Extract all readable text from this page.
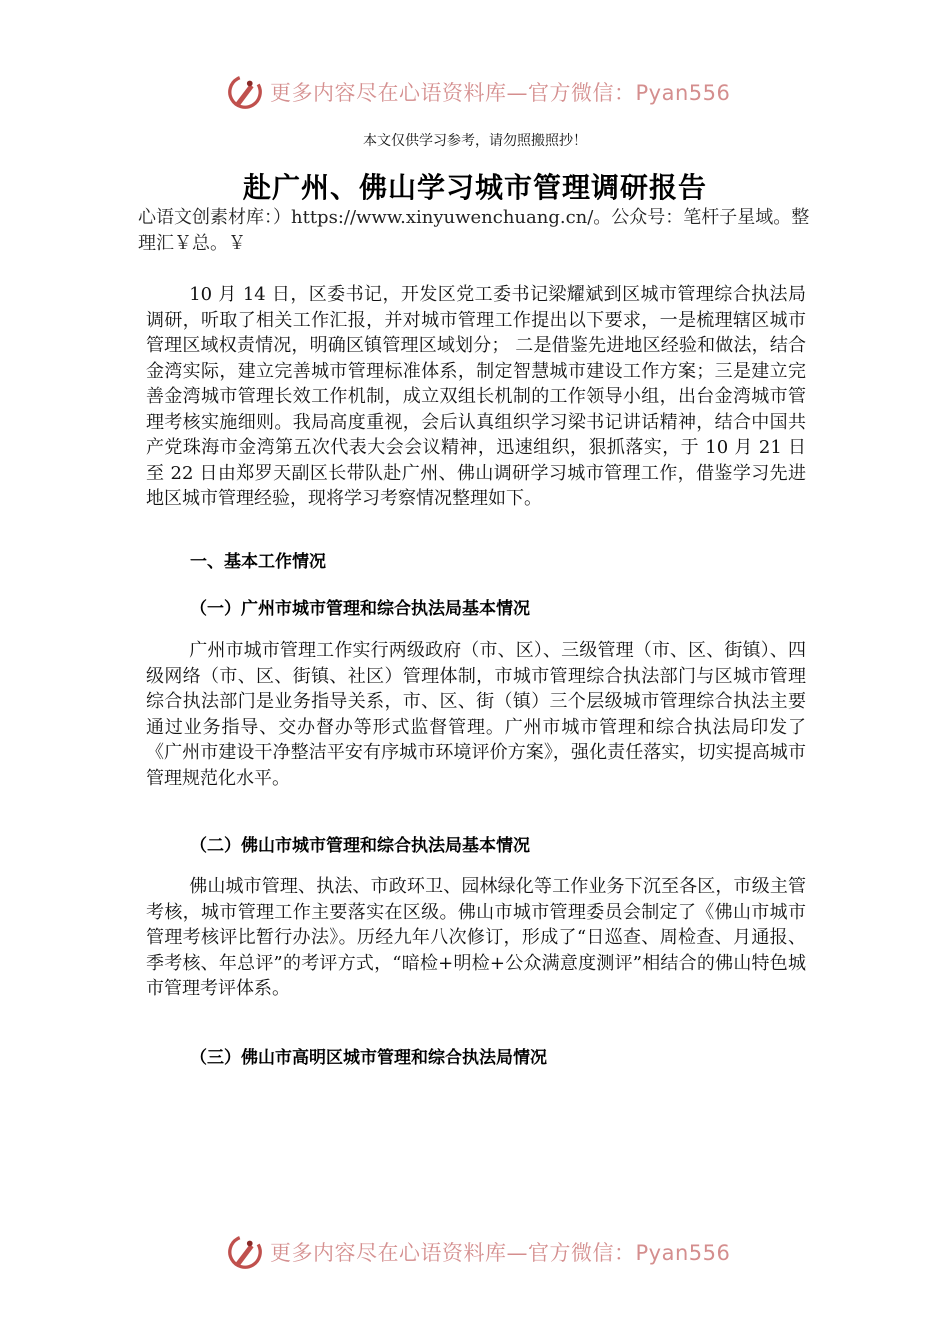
更多内容尽在心语资料库—官方微信：Pyan556
本文仅供学习参考，请勿照搬照抄！
赴广州、佛山学习城市管理调研报告
心语文创素材库：）https://www.xinyuwenchuang.cn/。公众号：笔杆子星域。整理汇￥总。￥

10 月 14 日，区委书记，开发区党工委书记梁耀斌到区城市管理综合执法局调研，听取了相关工作汇报，并对城市管理工作提出以下要求，一是梳理辖区城市管理区域权责情况，明确区镇管理区域划分； 二是借鉴先进地区经验和做法，结合金湾实际，建立完善城市管理标准体系，制定智慧城市建设工作方案；三是建立完善金湾城市管理长效工作机制，成立双组长机制的工作领导小组，出台金湾城市管理考核实施细则。我局高度重视，会后认真组织学习梁书记讲话精神，结合中国共产党珠海市金湾第五次代表大会会议精神，迅速组织，狠抓落实，于 10 月 21 日至 22 日由郑罗天副区长带队赴广州、佛山调研学习城市管理工作，借鉴学习先进地区城市管理经验，现将学习考察情况整理如下。

一、基本工作情况
（一）广州市城市管理和综合执法局基本情况

广州市城市管理工作实行两级政府（市、区）、三级管理（市、区、街镇）、四级网络（市、区、街镇、社区）管理体制，市城市管理综合执法部门与区城市管理综合执法部门是业务指导关系，市、区、街（镇）三个层级城市管理综合执法主要通过业务指导、交办督办等形式监督管理。广州市城市管理和综合执法局印发了《广州市建设干净整洁平安有序城市环境评价方案》，强化责任落实，切实提高城市管理规范化水平。

（二）佛山市城市管理和综合执法局基本情况

佛山城市管理、执法、市政环卫、园林绿化等工作业务下沉至各区，市级主管考核，城市管理工作主要落实在区级。佛山市城市管理委员会制定了《佛山市城市管理考核评比暂行办法》。历经九年八次修订，形成了“日巡查、周检查、月通报、季考核、年总评”的考评方式，“暗检+明检+公众满意度测评”相结合的佛山特色城市管理考评体系。

（三）佛山市高明区城市管理和综合执法局情况
更多内容尽在心语资料库—官方微信：Pyan556
